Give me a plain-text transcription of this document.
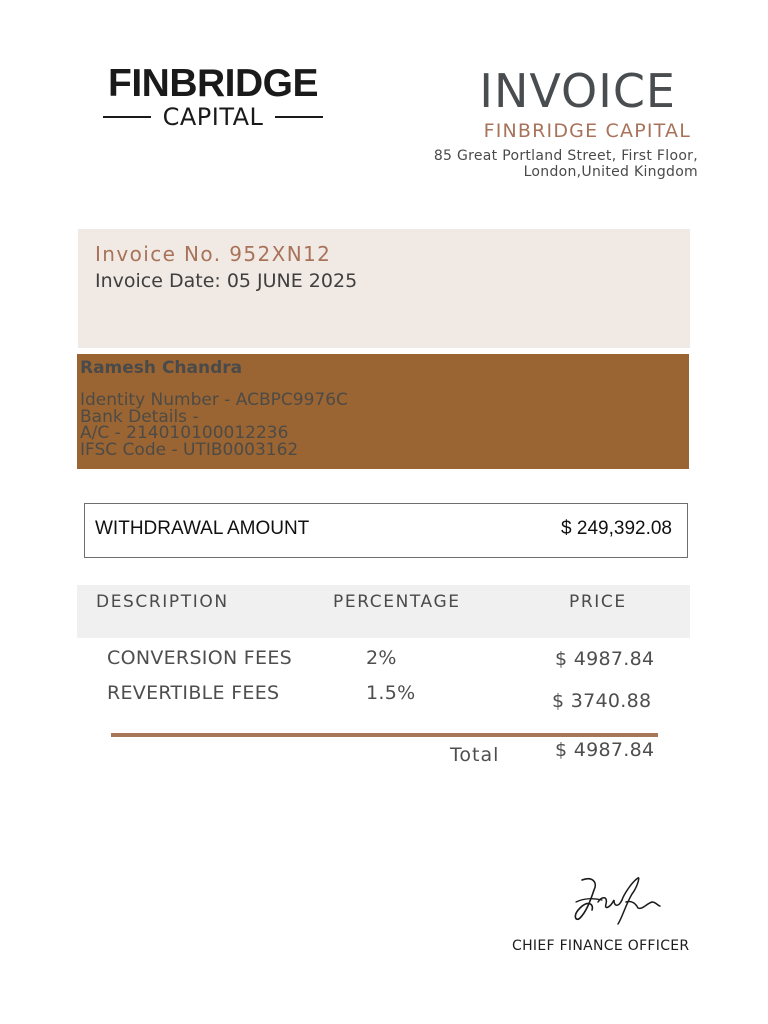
FINBRIDGE
CAPITAL	INVOICE
FINBRIDGE CAPITAL
85 Great Portland Street, First Floor,
London,United Kingdom
Invoice No. 952XN12
Invoice Date: 05 JUNE 2025
Ramesh Chandra
Identity Number - ACBPC9976C
Bank Details -
A/C - 214010100012236
IFSC Code - UTIB0003162
WITHDRAWAL AMOUNT	$ 249,392.08
DESCRIPTION	PERCENTAGE	PRICE
CONVERSION FEES	2%	$ 4987.84
REVERTIBLE FEES	1.5%	$ 3740.88
Total	$ 4987.84
CHIEF FINANCE OFFICER
